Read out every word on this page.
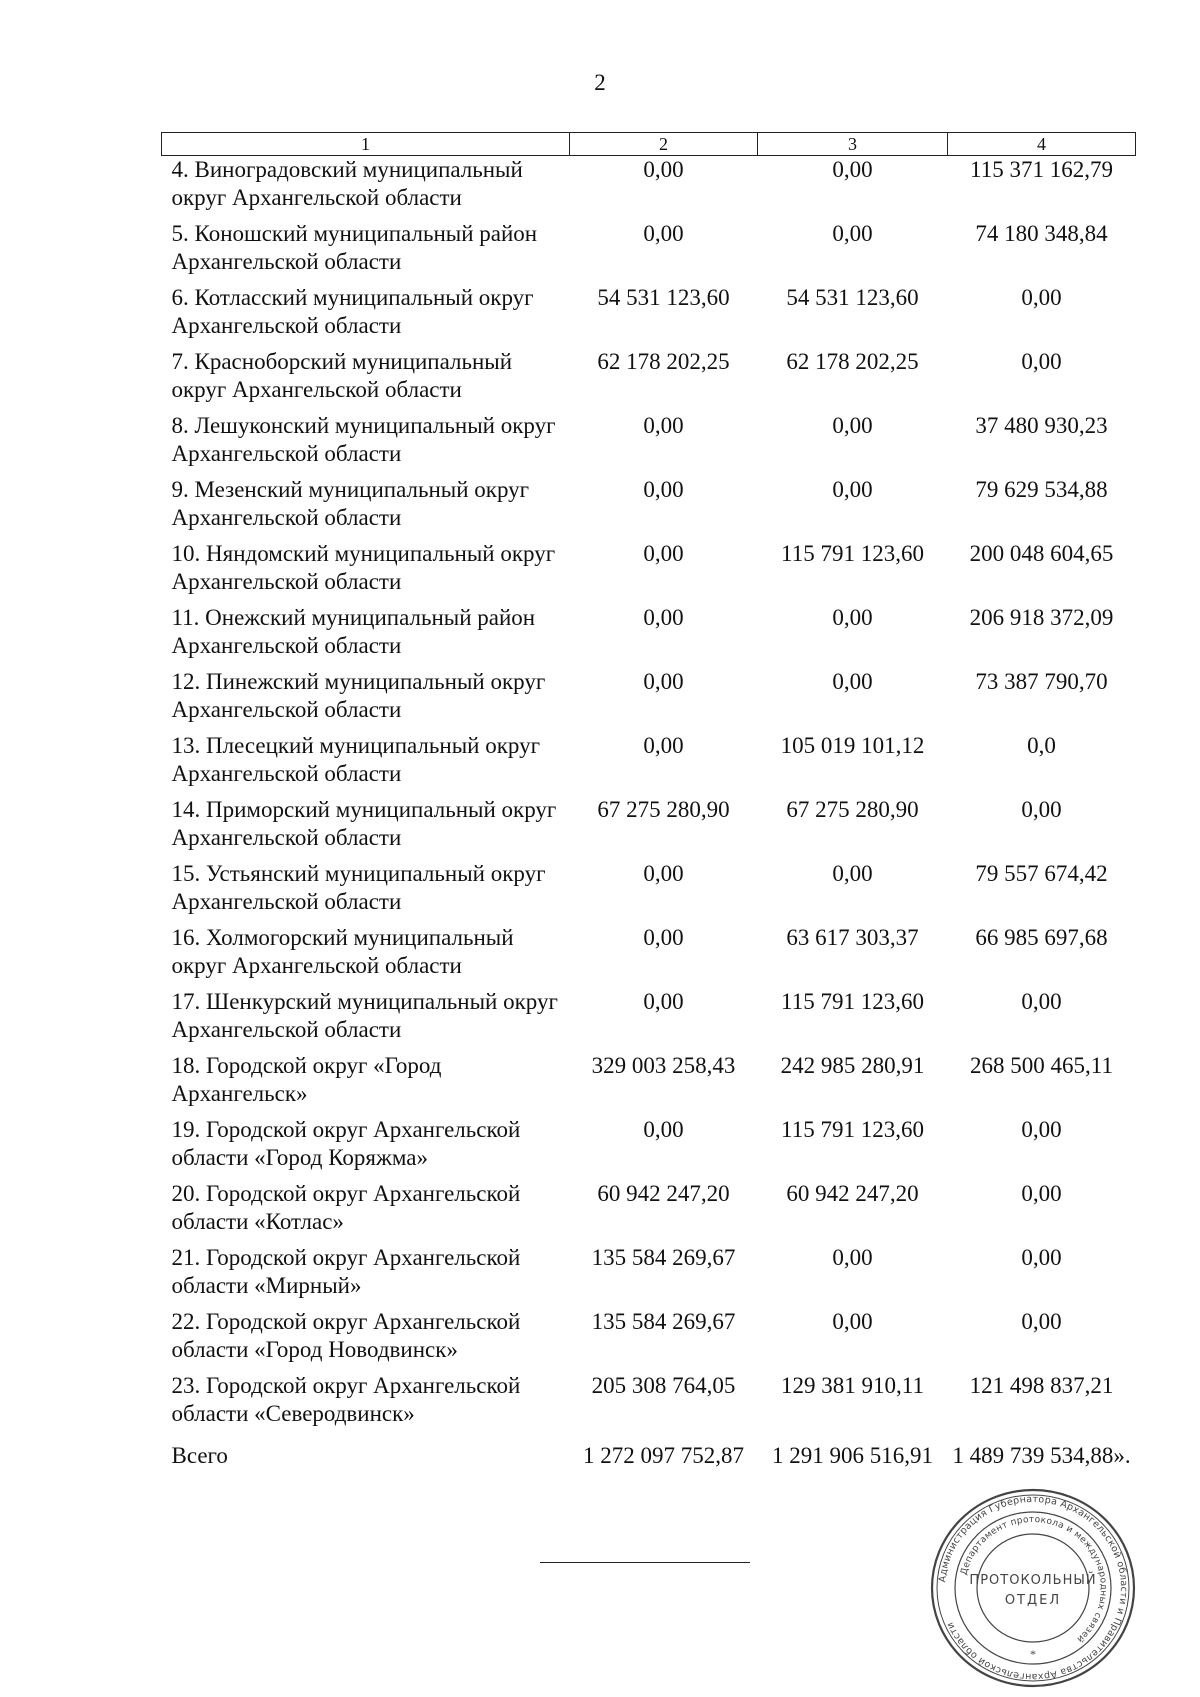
2
1	2	3	4
4. Виноградовский муниципальный округ Архангельской области	0,00	0,00	115 371 162,79
5. Коношский муниципальный район Архангельской области	0,00	0,00	74 180 348,84
6. Котласский муниципальный округ Архангельской области	54 531 123,60	54 531 123,60	0,00
7. Красноборский муниципальный округ Архангельской области	62 178 202,25	62 178 202,25	0,00
8. Лешуконский муниципальный округ Архангельской области	0,00	0,00	37 480 930,23
9. Мезенский муниципальный округ Архангельской области	0,00	0,00	79 629 534,88
10. Няндомский муниципальный округ Архангельской области	0,00	115 791 123,60	200 048 604,65
11. Онежский муниципальный район Архангельской области	0,00	0,00	206 918 372,09
12. Пинежский муниципальный округ Архангельской области	0,00	0,00	73 387 790,70
13. Плесецкий муниципальный округ Архангельской области	0,00	105 019 101,12	0,0
14. Приморский муниципальный округ Архангельской области	67 275 280,90	67 275 280,90	0,00
15. Устьянский муниципальный округ Архангельской области	0,00	0,00	79 557 674,42
16. Холмогорский муниципальный округ Архангельской области	0,00	63 617 303,37	66 985 697,68
17. Шенкурский муниципальный округ Архангельской области	0,00	115 791 123,60	0,00
18. Городской округ «Город Архангельск»	329 003 258,43	242 985 280,91	268 500 465,11
19. Городской округ Архангельской области «Город Коряжма»	0,00	115 791 123,60	0,00
20. Городской округ Архангельской области «Котлас»	60 942 247,20	60 942 247,20	0,00
21. Городской округ Архангельской области «Мирный»	135 584 269,67	0,00	0,00
22. Городской округ Архангельской области «Город Новодвинск»	135 584 269,67	0,00	0,00
23. Городской округ Архангельской области «Северодвинск»	205 308 764,05	129 381 910,11	121 498 837,21
Всего	1 272 097 752,87	1 291 906 516,91	1 489 739 534,88».
Администрация Губернатора Архангельской области и Правительства Архангельской области
Департамент протокола и международных связей
ПРОТОКОЛЬНЫЙ
ОТДЕЛ
*
